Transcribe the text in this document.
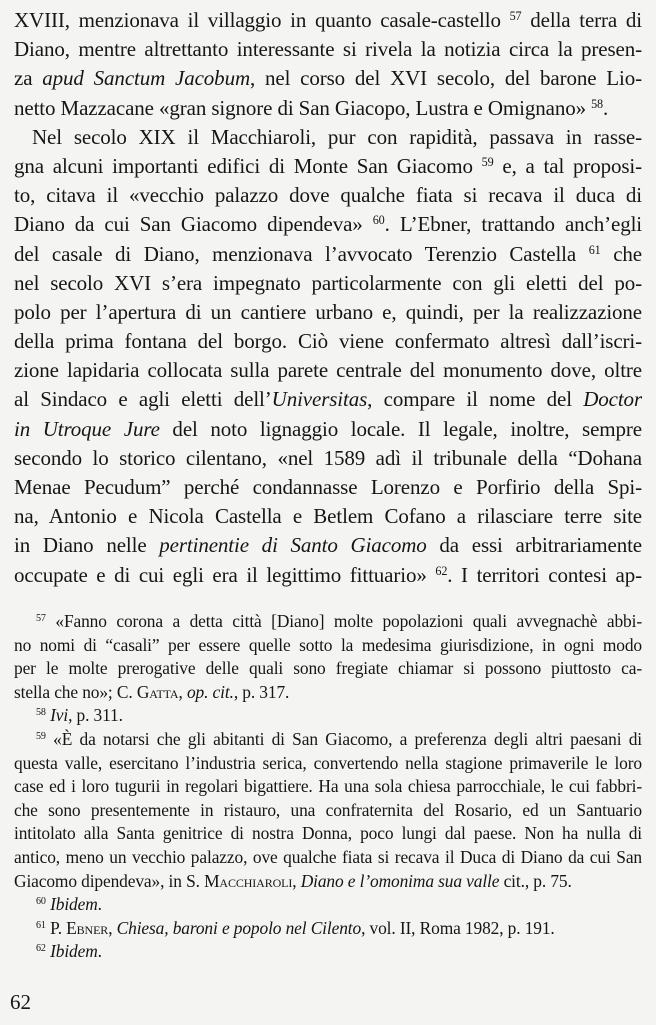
XVIII, menzionava il villaggio in quanto casale-castello $^{57}$ della terra di
Diano, mentre altrettanto interessante si rivela la notizia circa la presen-
za apud Sanctum Jacobum, nel corso del XVI secolo, del barone Lio-
netto Mazzacane «gran signore di San Giacopo, Lustra e Omignano» $^{58}$.
Nel secolo XIX il Macchiaroli, pur con rapidità, passava in rasse-
gna alcuni importanti edifici di Monte San Giacomo $^{59}$ e, a tal proposi-
to, citava il «vecchio palazzo dove qualche fiata si recava il duca di
Diano da cui San Giacomo dipendeva» $^{60}$. L’Ebner, trattando anch’egli
del casale di Diano, menzionava l’avvocato Terenzio Castella $^{61}$ che
nel secolo XVI s’era impegnato particolarmente con gli eletti del po-
polo per l’apertura di un cantiere urbano e, quindi, per la realizzazione
della prima fontana del borgo. Ciò viene confermato altresì dall’iscri-
zione lapidaria collocata sulla parete centrale del monumento dove, oltre
al Sindaco e agli eletti dell’Universitas, compare il nome del Doctor
in Utroque Jure del noto lignaggio locale. Il legale, inoltre, sempre
secondo lo storico cilentano, «nel 1589 adì il tribunale della “Dohana
Menae Pecudum” perché condannasse Lorenzo e Porfirio della Spi-
na, Antonio e Nicola Castella e Betlem Cofano a rilasciare terre site
in Diano nelle pertinentie di Santo Giacomo da essi arbitrariamente
occupate e di cui egli era il legittimo fittuario» $^{62}$. I territori contesi ap-
$^{57}$ «Fanno corona a detta città [Diano] molte popolazioni quali avvegnachè abbi-
no nomi di “casali” per essere quelle sotto la medesima giurisdizione, in ogni modo
per le molte prerogative delle quali sono fregiate chiamar si possono piuttosto ca-
stella che no»; C. Gatta, op. cit., p. 317.
$^{58}$ Ivi, p. 311.
$^{59}$ «È da notarsi che gli abitanti di San Giacomo, a preferenza degli altri paesani di
questa valle, esercitano l’industria serica, convertendo nella stagione primaverile le loro
case ed i loro tugurii in regolari bigattiere. Ha una sola chiesa parrocchiale, le cui fabbri-
che sono presentemente in ristauro, una confraternita del Rosario, ed un Santuario
intitolato alla Santa genitrice di nostra Donna, poco lungi dal paese. Non ha nulla di
antico, meno un vecchio palazzo, ove qualche fiata si recava il Duca di Diano da cui San
Giacomo dipendeva», in S. Macchiaroli, Diano e l’omonima sua valle cit., p. 75.
$^{60}$ Ibidem.
$^{61}$ P. Ebner, Chiesa, baroni e popolo nel Cilento, vol. II, Roma 1982, p. 191.
$^{62}$ Ibidem.
62
